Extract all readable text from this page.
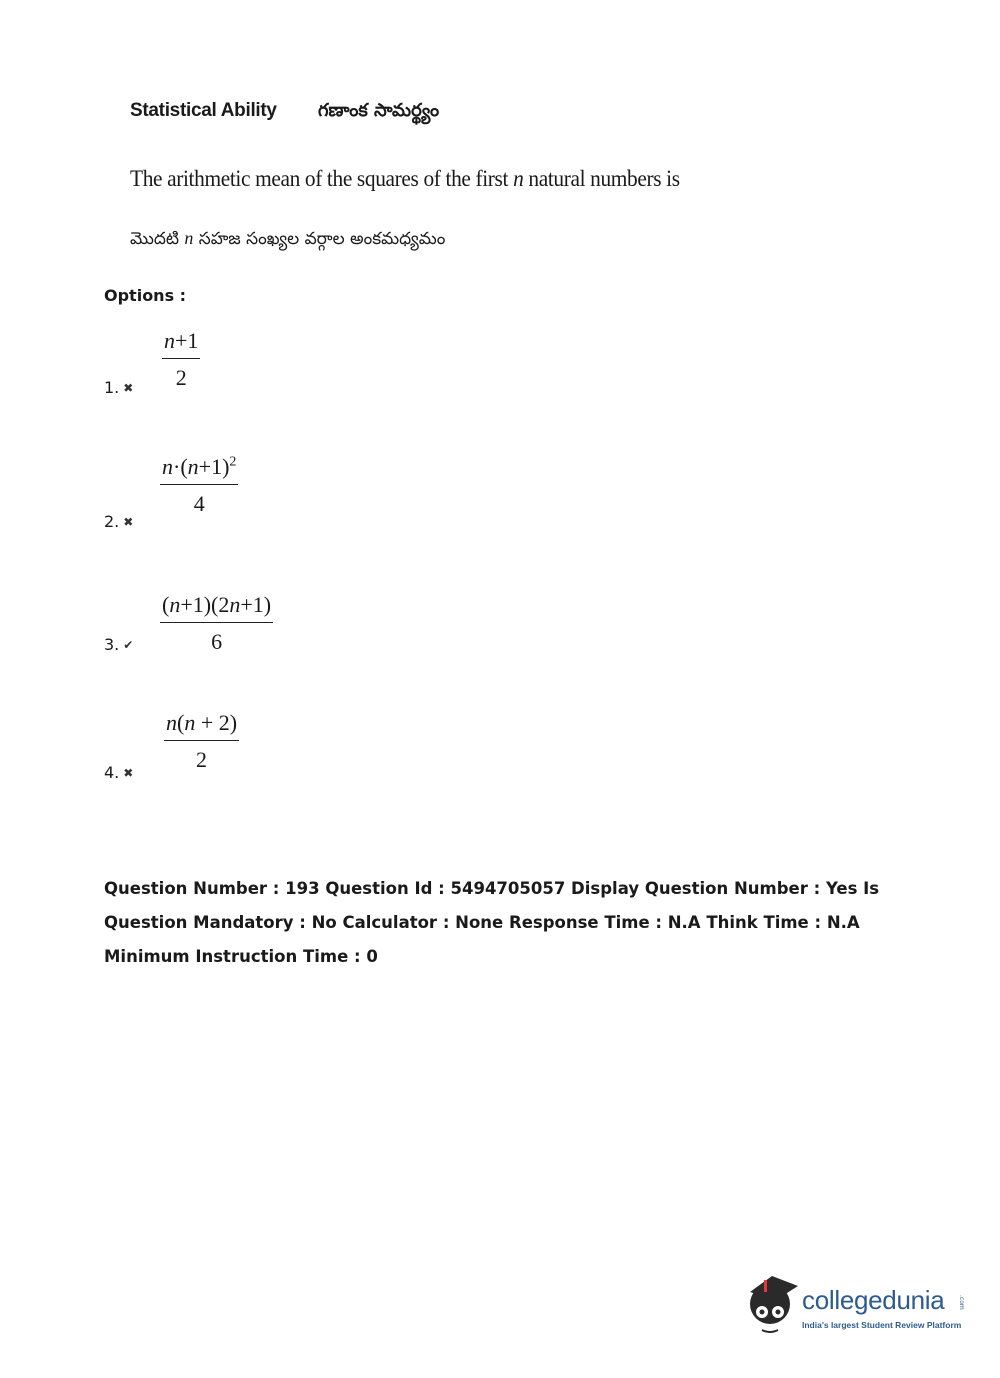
Statistical Ability గణాంక సామర్థ్యం
The arithmetic mean of the squares of the first n natural numbers is
మొదటి n సహజ సంఖ్యల వర్గాల అంకమధ్యమం
Options :
$\frac{n+1}{2}$
1. ✖
$\frac{n\cdot(n+1)^2}{4}$
2. ✖
$\frac{(n+1)(2n+1)}{6}$
3. ✔
$\frac{n(n + 2)}{2}$
4. ✖
Question Number : 193 Question Id : 5494705057 Display Question Number : Yes Is Question Mandatory : No Calculator : None Response Time : N.A Think Time : N.A Minimum Instruction Time : 0
collegedunia .com
India's largest Student Review Platform
